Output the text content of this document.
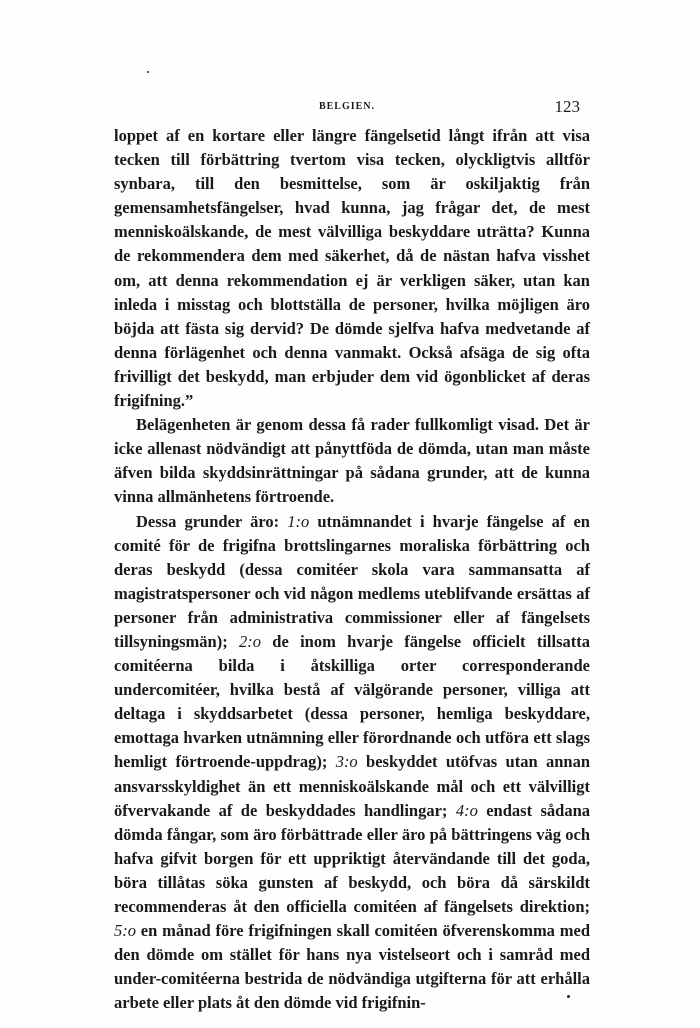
BELGIEN.	123

loppet af en kortare eller längre fängelsetid långt ifrån att visa tecken till förbättring tvertom visa tecken, olyckligtvis alltför synbara, till den besmittelse, som är oskiljaktig från gemensamhetsfängelser, hvad kunna, jag frågar det, de mest menniskoälskande, de mest välvilliga beskyddare uträtta? Kunna de rekommendera dem med säkerhet, då de nästan hafva visshet om, att denna rekommendation ej är verkligen säker, utan kan inleda i misstag och blottställa de personer, hvilka möjligen äro böjda att fästa sig dervid? De dömde sjelfva hafva medvetande af denna förlägenhet och denna vanmakt. Också afsäga de sig ofta frivilligt det beskydd, man erbjuder dem vid ögonblicket af deras frigifning.”

Belägenheten är genom dessa få rader fullkomligt visad. Det är icke allenast nödvändigt att pånyttföda de dömda, utan man måste äfven bilda skyddsinrättningar på sådana grunder, att de kunna vinna allmänhetens förtroende.

Dessa grunder äro: 1:o utnämnandet i hvarje fängelse af en comité för de frigifna brottslingarnes moraliska förbättring och deras beskydd (dessa comitéer skola vara sammansatta af magistratspersoner och vid någon medlems uteblifvande ersättas af personer från administrativa commissioner eller af fängelsets tillsyningsmän); 2:o de inom hvarje fängelse officielt tillsatta comitéerna bilda i åtskilliga orter corresponderande undercomitéer, hvilka bestå af välgörande personer, villiga att deltaga i skyddsarbetet (dessa personer, hemliga beskyddare, emottaga hvarken utnämning eller förordnande och utföra ett slags hemligt förtroende-uppdrag); 3:o beskyddet utöfvas utan annan ansvarsskyldighet än ett menniskoälskande mål och ett välvilligt öfvervakande af de beskyddades handlingar; 4:o endast sådana dömda fångar, som äro förbättrade eller äro på bättringens väg och hafva gifvit borgen för ett uppriktigt återvändande till det goda, böra tillåtas söka gunsten af beskydd, och böra då särskildt recommenderas åt den officiella comitéen af fängelsets direktion; 5:o en månad före frigifningen skall comitéen öfverenskomma med den dömde om stället för hans nya vistelseort och i samråd med under-comitéerna bestrida de nödvändiga utgifterna för att erhålla arbete eller plats åt den dömde vid frigifnin-
